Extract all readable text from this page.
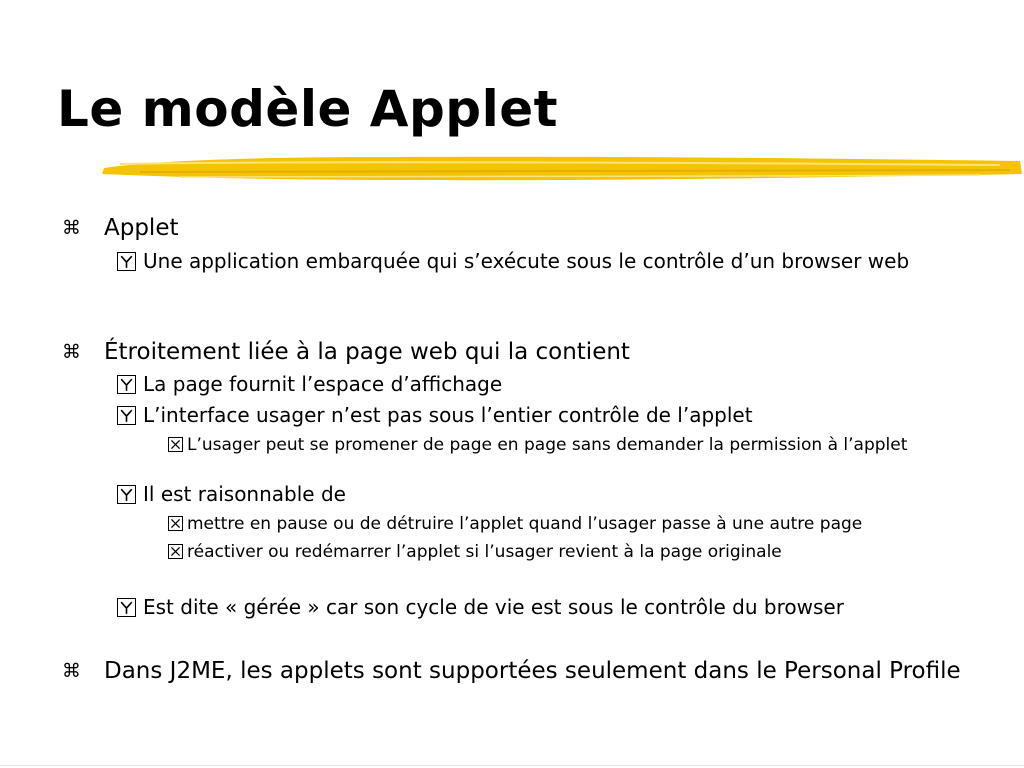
Le modèle Applet
⌘	Applet
Une application embarquée qui s’exécute sous le contrôle d’un browser web
⌘	Étroitement liée à la page web qui la contient
La page fournit l’espace d’affichage
L’interface usager n’est pas sous l’entier contrôle de l’applet
L’usager peut se promener de page en page sans demander la permission à l’applet
Il est raisonnable de
mettre en pause ou de détruire l’applet quand l’usager passe à une autre page
réactiver ou redémarrer l’applet si l’usager revient à la page originale
Est dite « gérée » car son cycle de vie est sous le contrôle du browser
⌘	Dans J2ME, les applets sont supportées seulement dans le Personal Profile
